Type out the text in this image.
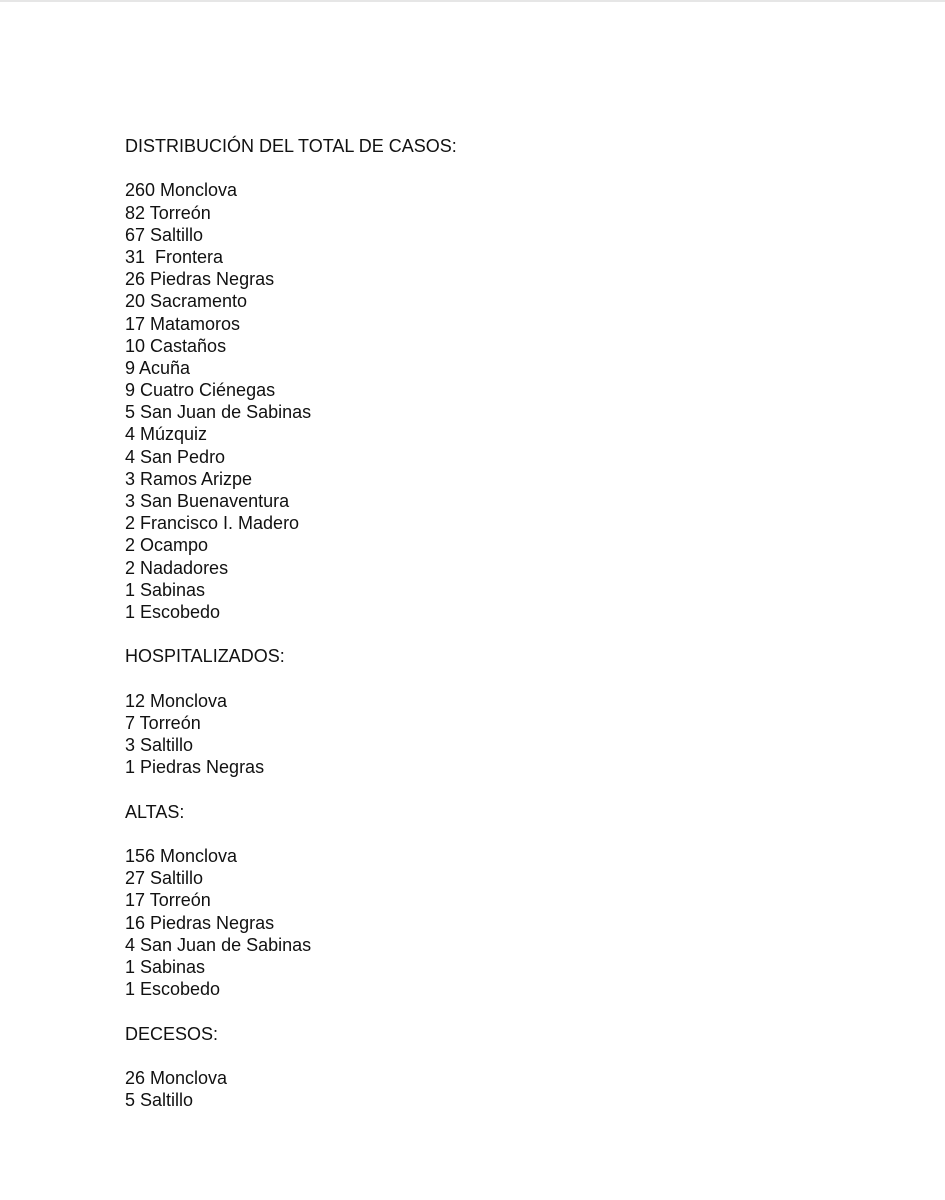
DISTRIBUCIÓN DEL TOTAL DE CASOS:
260 Monclova
82 Torreón
67 Saltillo
31  Frontera
26 Piedras Negras
20 Sacramento
17 Matamoros
10 Castaños
9 Acuña
9 Cuatro Ciénegas
5 San Juan de Sabinas
4 Múzquiz
4 San Pedro
3 Ramos Arizpe
3 San Buenaventura
2 Francisco I. Madero
2 Ocampo
2 Nadadores
1 Sabinas
1 Escobedo
HOSPITALIZADOS:
12 Monclova
7 Torreón
3 Saltillo
1 Piedras Negras
ALTAS:
156 Monclova
27 Saltillo
17 Torreón
16 Piedras Negras
4 San Juan de Sabinas
1 Sabinas
1 Escobedo
DECESOS:
26 Monclova
5 Saltillo
